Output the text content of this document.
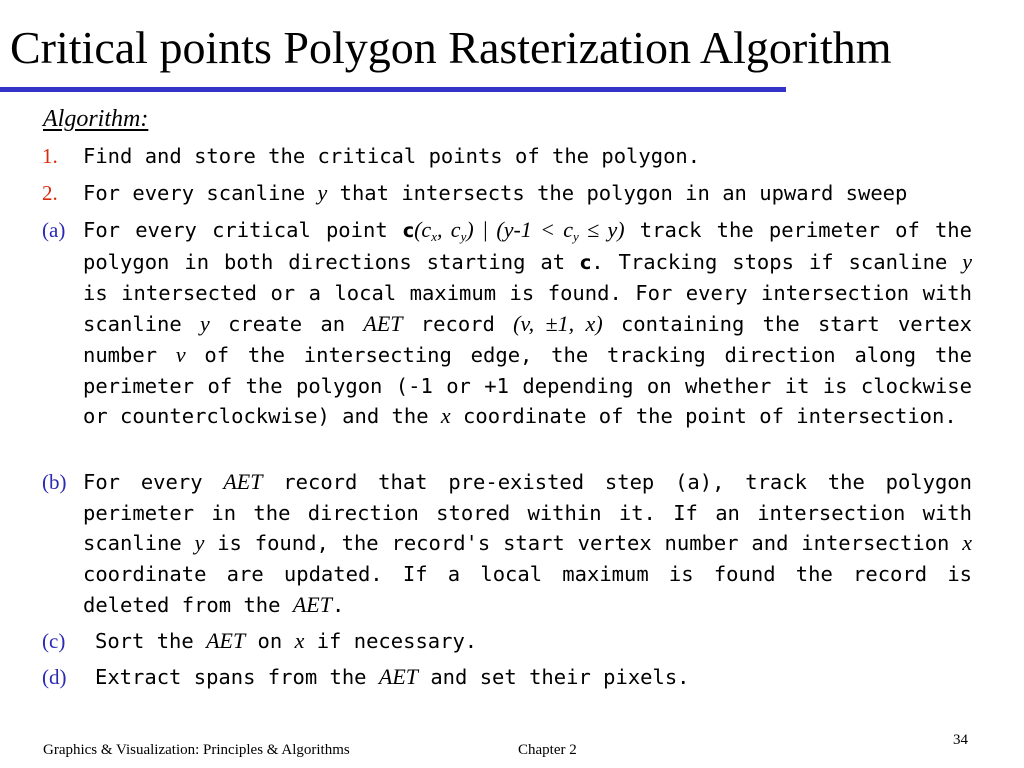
Critical points Polygon Rasterization Algorithm
Algorithm:
1. Find and store the critical points of the polygon.
2. For every scanline y that intersects the polygon in an upward sweep
(a) For every critical point $c(c_x$, $c_y$) | $(y-1 < c_y \le y)$ track the perimeter of the polygon in both directions starting at c. Tracking stops if scanline y is intersected or a local maximum is found. For every intersection with scanline y create an AET record (v, ±1, x) containing the start vertex number v of the intersecting edge, the tracking direction along the perimeter of the polygon (-1 or +1 depending on whether it is clockwise or counterclockwise) and the x coordinate of the point of intersection.
(b) For every AET record that pre-existed step (a), track the polygon perimeter in the direction stored within it. If an intersection with scanline y is found, the record's start vertex number and intersection x coordinate are updated. If a local maximum is found the record is deleted from the AET.
(c) Sort the AET on x if necessary.
(d) Extract spans from the AET and set their pixels.
Graphics & Visualization: Principles & Algorithms	Chapter 2
34
